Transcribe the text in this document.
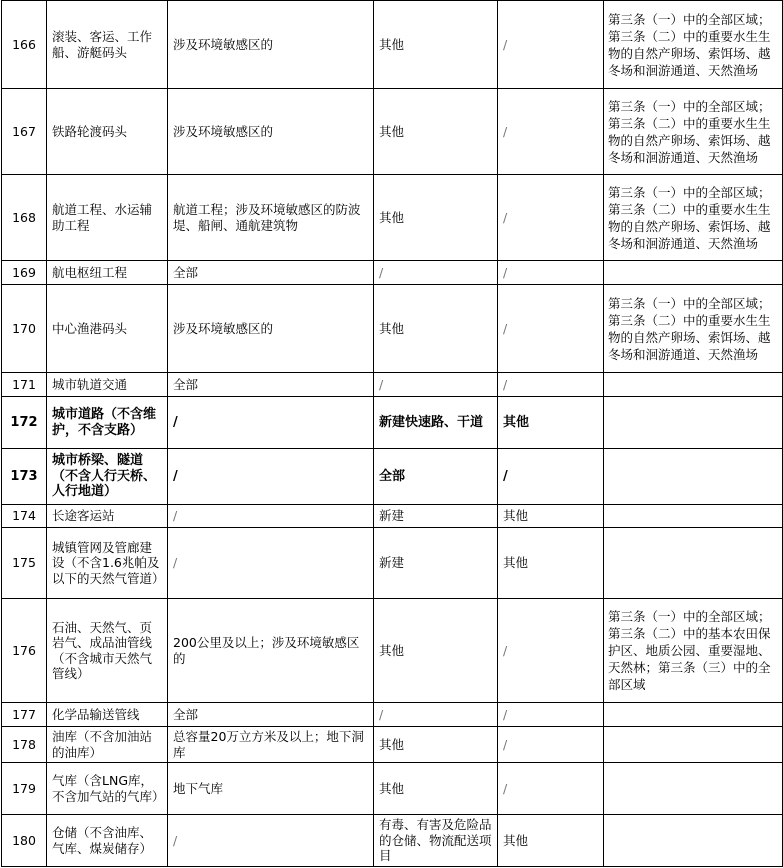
166	滚装、客运、工作船、游艇码头	涉及环境敏感区的	其他	/	第三条（一）中的全部区域；第三条（二）中的重要水生生物的自然产卵场、索饵场、越冬场和洄游通道、天然渔场
167	铁路轮渡码头	涉及环境敏感区的	其他	/	第三条（一）中的全部区域；第三条（二）中的重要水生生物的自然产卵场、索饵场、越冬场和洄游通道、天然渔场
168	航道工程、水运辅助工程	航道工程；涉及环境敏感区的防波堤、船闸、通航建筑物	其他	/	第三条（一）中的全部区域；第三条（二）中的重要水生生物的自然产卵场、索饵场、越冬场和洄游通道、天然渔场
169	航电枢纽工程	全部	/	/	
170	中心渔港码头	涉及环境敏感区的	其他	/	第三条（一）中的全部区域；第三条（二）中的重要水生生物的自然产卵场、索饵场、越冬场和洄游通道、天然渔场
171	城市轨道交通	全部	/	/	
172	城市道路（不含维护，不含支路）	/	新建快速路、干道	其他	
173	城市桥梁、隧道（不含人行天桥、人行地道）	/	全部	/	
174	长途客运站	/	新建	其他	
175	城镇管网及管廊建设（不含1.6兆帕及以下的天然气管道）	/	新建	其他	
176	石油、天然气、页岩气、成品油管线（不含城市天然气管线）	200公里及以上；涉及环境敏感区的	其他	/	第三条（一）中的全部区域；第三条（二）中的基本农田保护区、地质公园、重要湿地、天然林；第三条（三）中的全部区域
177	化学品输送管线	全部	/	/	
178	油库（不含加油站的油库）	总容量20万立方米及以上；地下洞库	其他	/	
179	气库（含LNG库，不含加气站的气库）	地下气库	其他	/	
180	仓储（不含油库、气库、煤炭储存）	/	有毒、有害及危险品的仓储、物流配送项目	其他	
